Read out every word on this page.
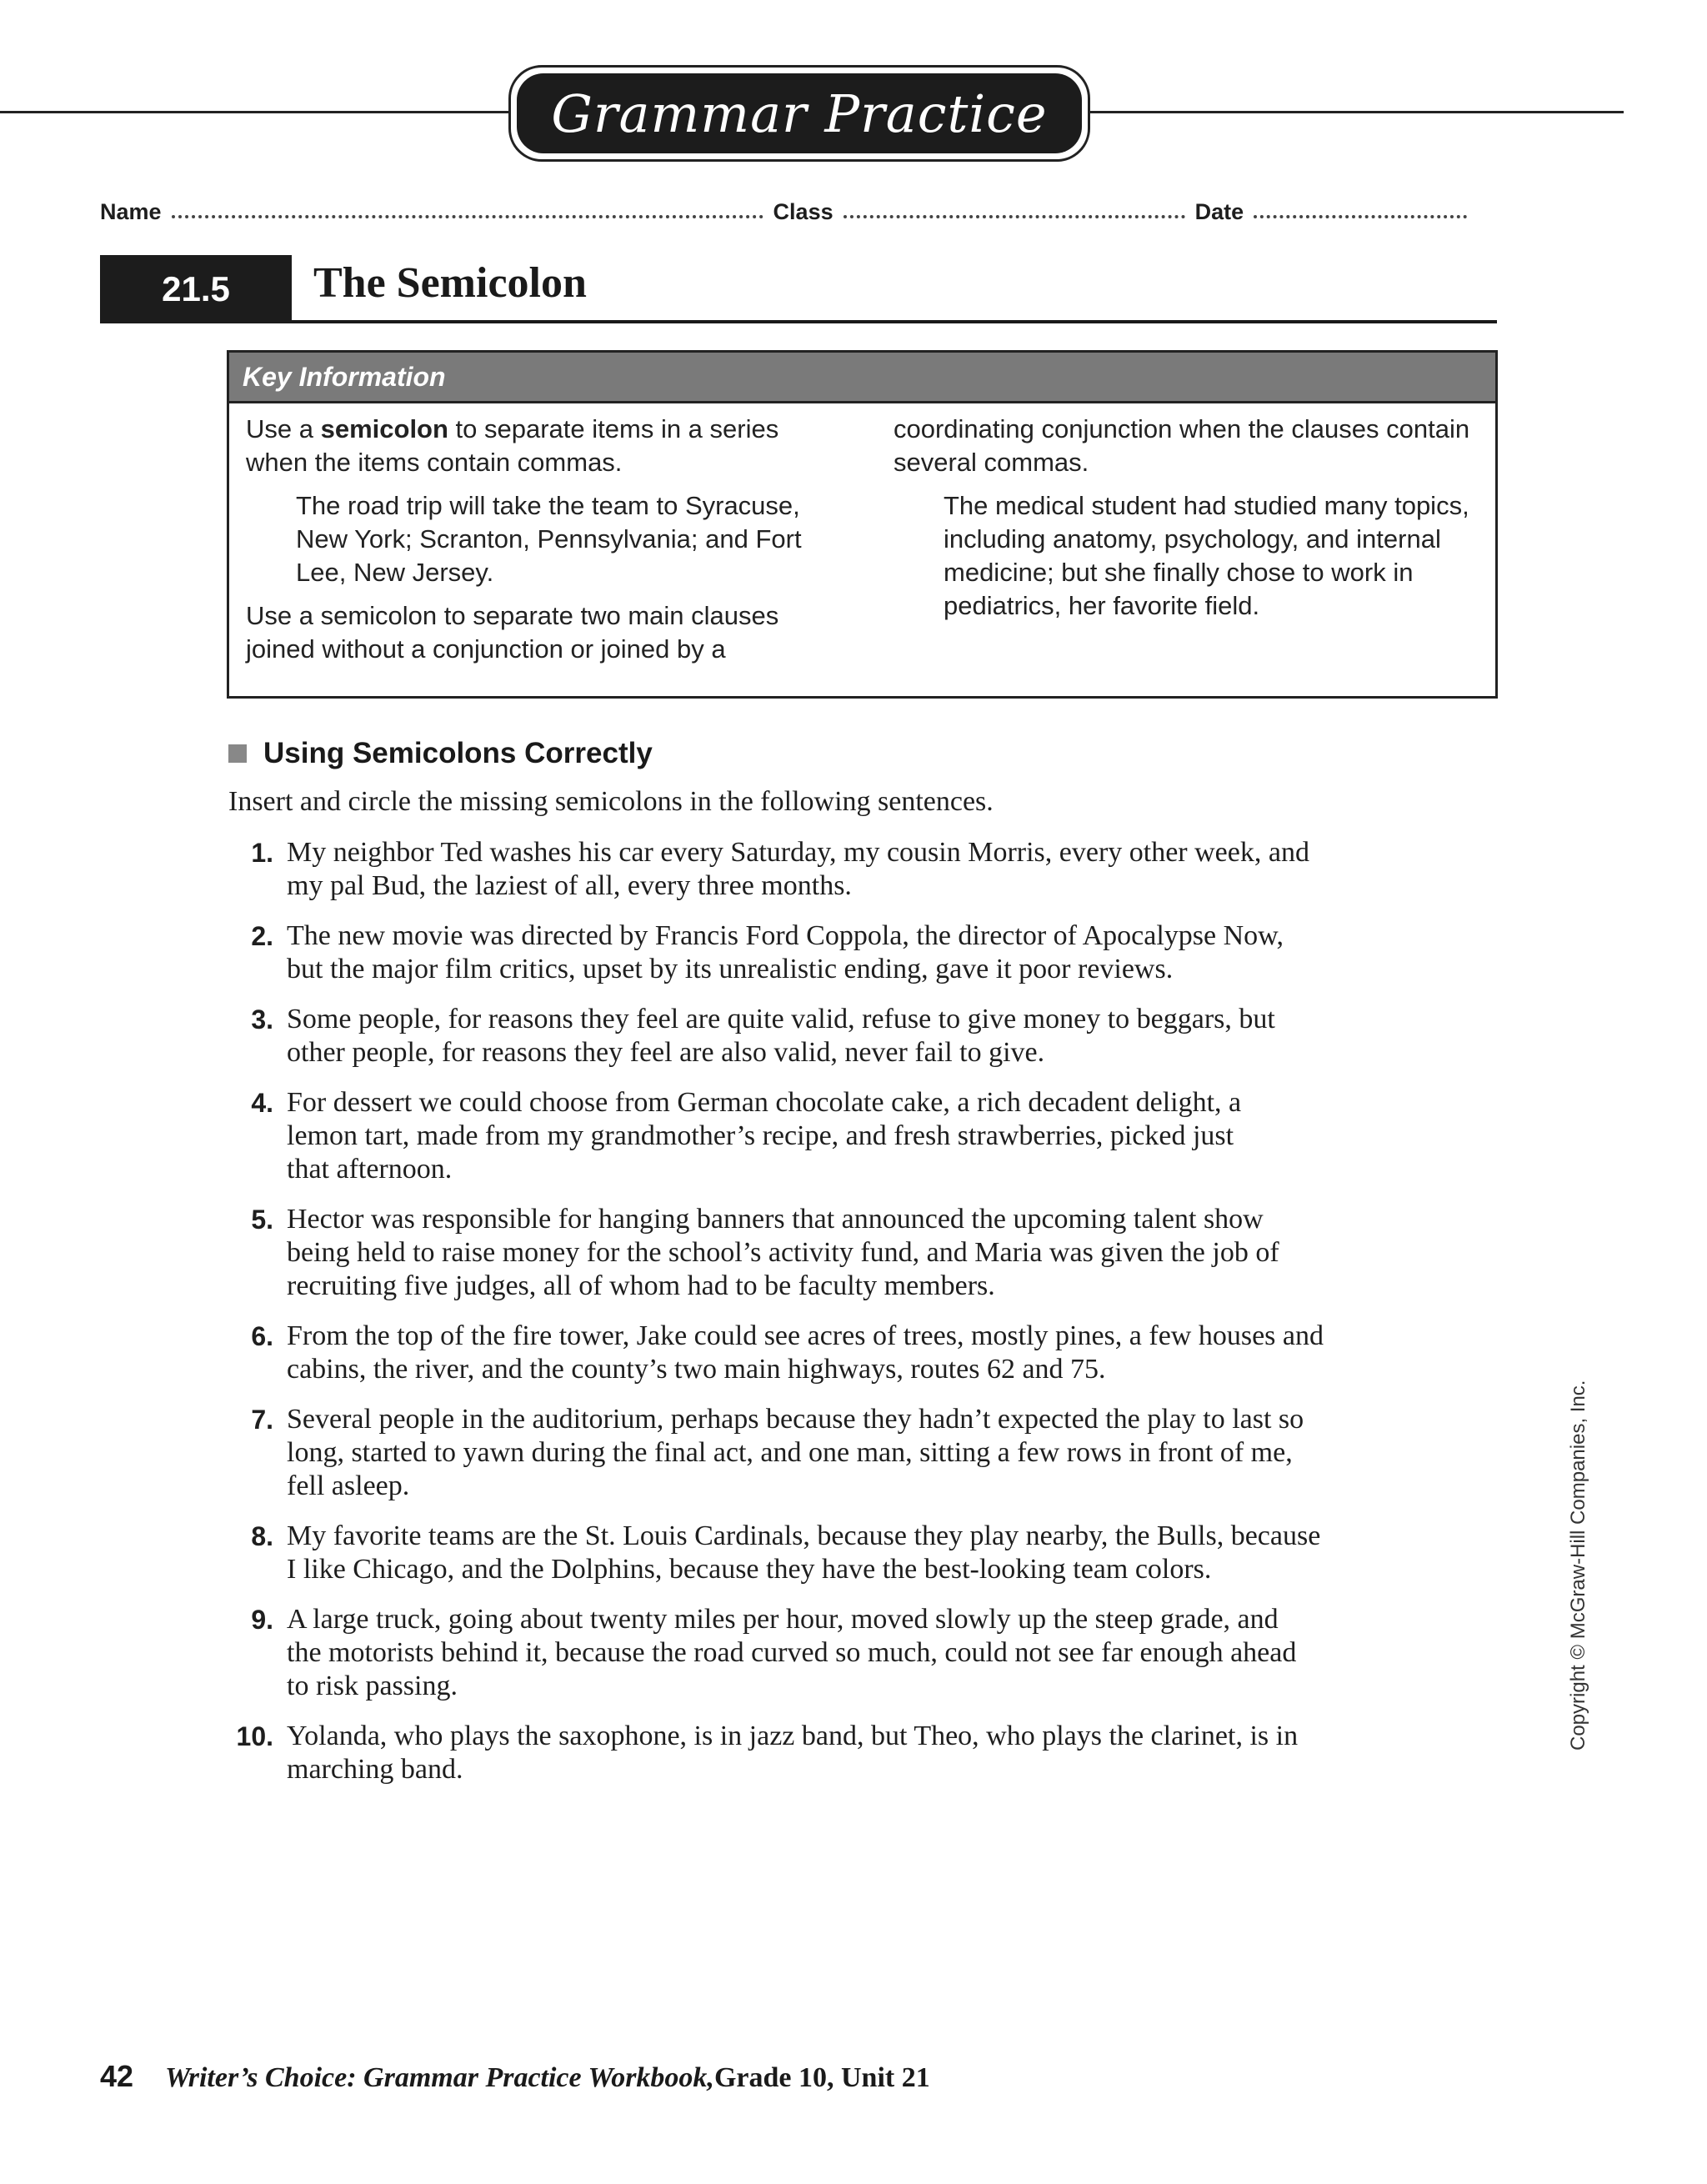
Grammar Practice
Name	Class	Date
21.5	The Semicolon
Key Information

Use a semicolon to separate items in a series when the items contain commas.

The road trip will take the team to Syracuse, New York; Scranton, Pennsylvania; and Fort Lee, New Jersey.

Use a semicolon to separate two main clauses joined without a conjunction or joined by a

coordinating conjunction when the clauses contain several commas.

The medical student had studied many topics, including anatomy, psychology, and internal medicine; but she finally chose to work in pediatrics, her favorite field.

Using Semicolons Correctly
Insert and circle the missing semicolons in the following sentences.
1. My neighbor Ted washes his car every Saturday, my cousin Morris, every other week, and
my pal Bud, the laziest of all, every three months.
2. The new movie was directed by Francis Ford Coppola, the director of Apocalypse Now,
but the major film critics, upset by its unrealistic ending, gave it poor reviews.
3. Some people, for reasons they feel are quite valid, refuse to give money to beggars, but
other people, for reasons they feel are also valid, never fail to give.
4. For dessert we could choose from German chocolate cake, a rich decadent delight, a
lemon tart, made from my grandmother’s recipe, and fresh strawberries, picked just
that afternoon.
5. Hector was responsible for hanging banners that announced the upcoming talent show
being held to raise money for the school’s activity fund, and Maria was given the job of
recruiting five judges, all of whom had to be faculty members.
6. From the top of the fire tower, Jake could see acres of trees, mostly pines, a few houses and
cabins, the river, and the county’s two main highways, routes 62 and 75.
7. Several people in the auditorium, perhaps because they hadn’t expected the play to last so
long, started to yawn during the final act, and one man, sitting a few rows in front of me,
fell asleep.
8. My favorite teams are the St. Louis Cardinals, because they play nearby, the Bulls, because
I like Chicago, and the Dolphins, because they have the best-looking team colors.
9. A large truck, going about twenty miles per hour, moved slowly up the steep grade, and
the motorists behind it, because the road curved so much, could not see far enough ahead
to risk passing.
10. Yolanda, who plays the saxophone, is in jazz band, but Theo, who plays the clarinet, is in
marching band.
Copyright © McGraw-Hill Companies, Inc.
42 Writer’s Choice: Grammar Practice Workbook, Grade 10, Unit 21
